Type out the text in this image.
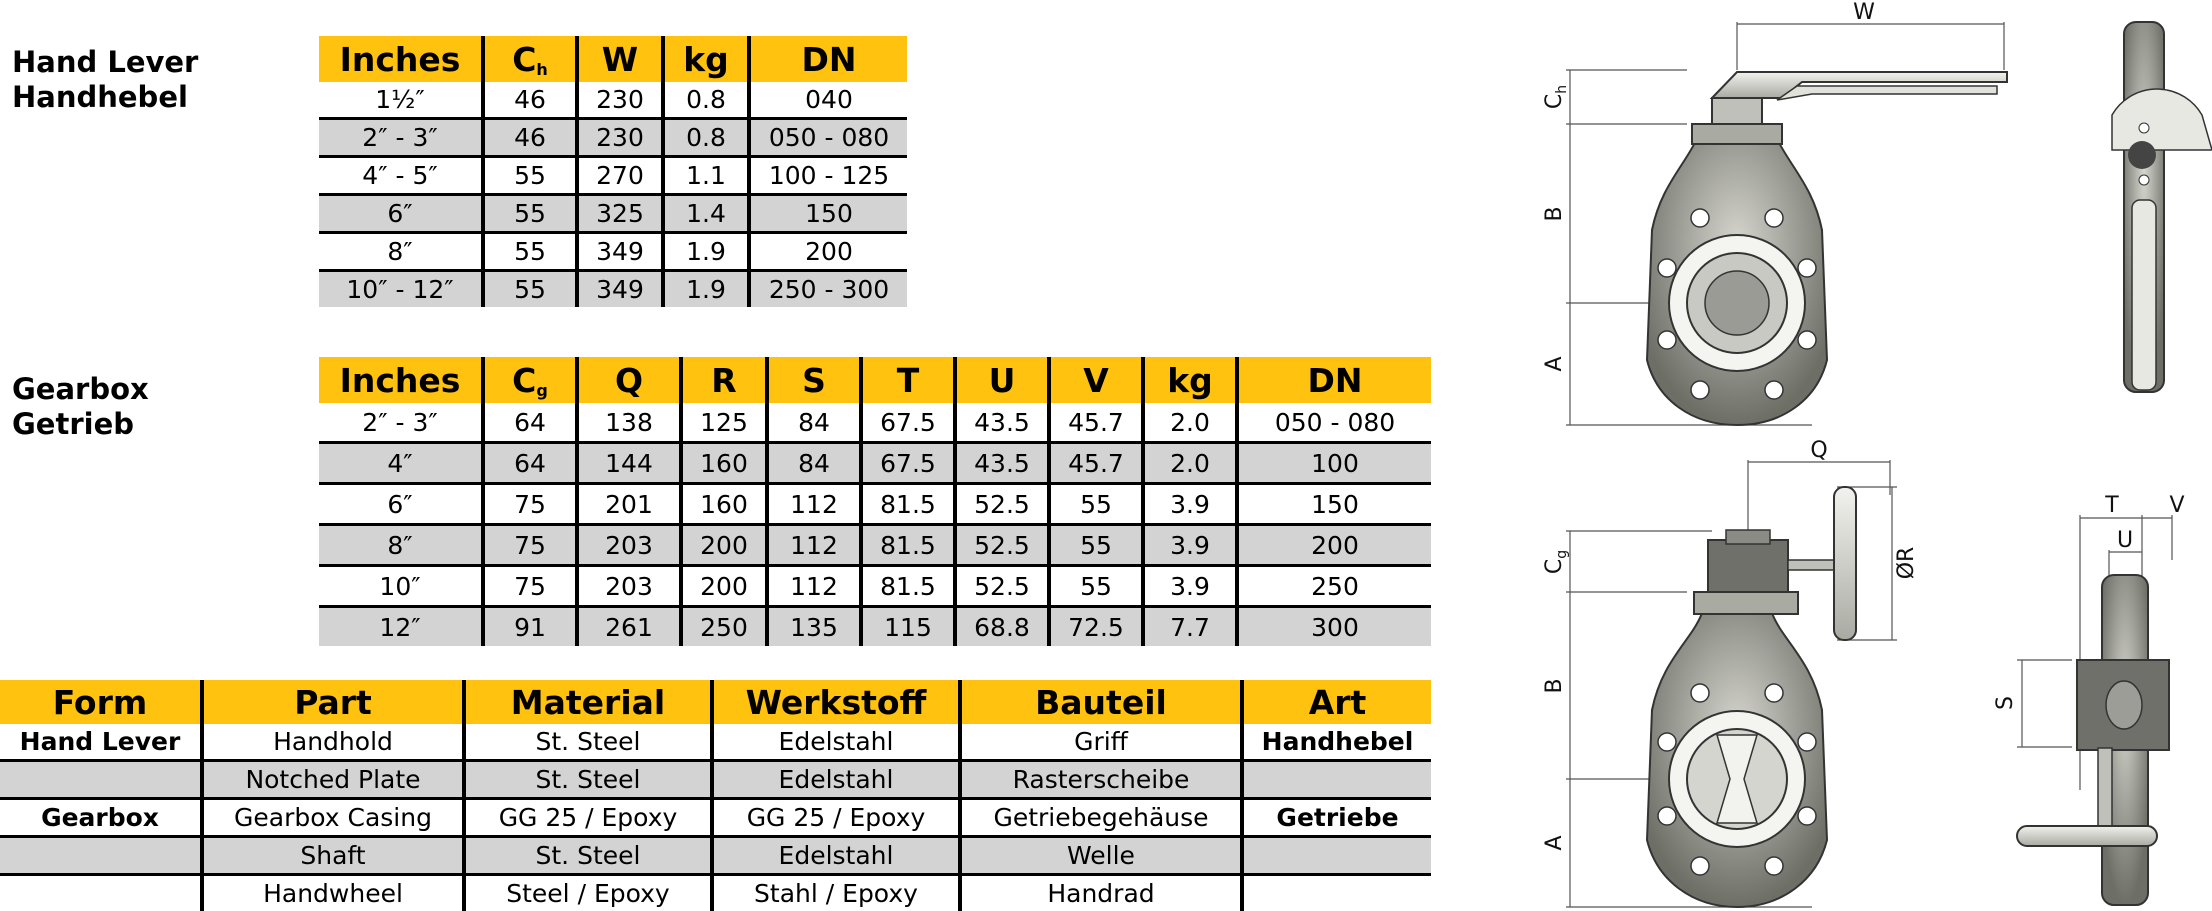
Hand Lever
Handhebel
Gearbox
Getrieb
Inches	$C_h$	W	kg	DN
1½″	46	230	0.8	040
2″ - 3″	46	230	0.8	050 - 080
4″ - 5″	55	270	1.1	100 - 125
6″	55	325	1.4	150
8″	55	349	1.9	200
10″ - 12″	55	349	1.9	250 - 300
Inches	$C_g$	Q	R	S	T	U	V	kg	DN
2″ - 3″	64	138	125	84	67.5	43.5	45.7	2.0	050 - 080
4″	64	144	160	84	67.5	43.5	45.7	2.0	100
6″	75	201	160	112	81.5	52.5	55	3.9	150
8″	75	203	200	112	81.5	52.5	55	3.9	200
10″	75	203	200	112	81.5	52.5	55	3.9	250
12″	91	261	250	135	115	68.8	72.5	7.7	300
Form	Part	Material	Werkstoff	Bauteil	Art
Hand Lever	Handhold	St. Steel	Edelstahl	Griff	Handhebel
	Notched Plate	St. Steel	Edelstahl	Rasterscheibe	
Gearbox	Gearbox Casing	GG 25 / Epoxy	GG 25 / Epoxy	Getriebegehäuse	Getriebe
	Shaft	St. Steel	Edelstahl	Welle	
	Handwheel	Steel / Epoxy	Stahl / Epoxy	Handrad	
W
$C_h$
B
A
Q
ØR
$C_g$
B
A
T
U
V
S
